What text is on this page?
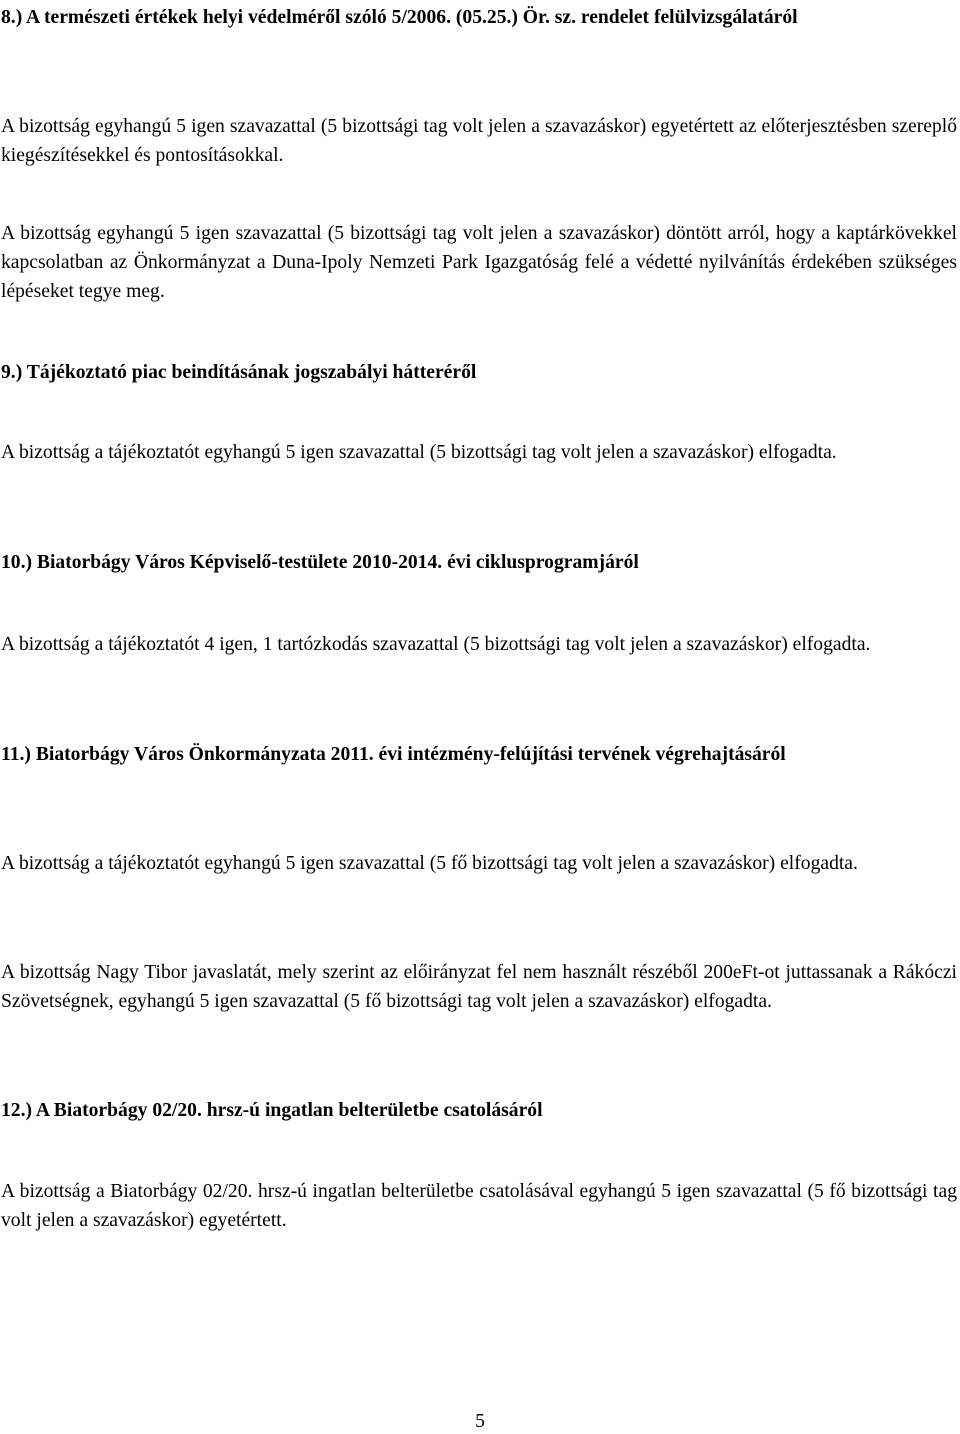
8.) A természeti értékek helyi védelméről szóló 5/2006. (05.25.) Ör. sz. rendelet felülvizsgálatáról

A bizottság egyhangú 5 igen szavazattal (5 bizottsági tag volt jelen a szavazáskor) egyetértett az előterjesztésben szereplő kiegészítésekkel és pontosításokkal.

A bizottság egyhangú 5 igen szavazattal (5 bizottsági tag volt jelen a szavazáskor) döntött arról, hogy a kaptárkövekkel kapcsolatban az Önkormányzat a Duna-Ipoly Nemzeti Park Igazgatóság felé a védetté nyilvánítás érdekében szükséges lépéseket tegye meg.

9.) Tájékoztató piac beindításának jogszabályi hátteréről

A bizottság a tájékoztatót egyhangú 5 igen szavazattal (5 bizottsági tag volt jelen a szavazáskor) elfogadta.

10.) Biatorbágy Város Képviselő-testülete 2010-2014. évi ciklusprogramjáról

A bizottság a tájékoztatót 4 igen, 1 tartózkodás szavazattal (5 bizottsági tag volt jelen a szavazáskor) elfogadta.

11.) Biatorbágy Város Önkormányzata 2011. évi intézmény-felújítási tervének végrehajtásáról

A bizottság a tájékoztatót egyhangú 5 igen szavazattal (5 fő bizottsági tag volt jelen a szavazáskor) elfogadta.

A bizottság Nagy Tibor javaslatát, mely szerint az előirányzat fel nem használt részéből 200eFt-ot juttassanak a Rákóczi Szövetségnek, egyhangú 5 igen szavazattal (5 fő bizottsági tag volt jelen a szavazáskor) elfogadta.

12.) A Biatorbágy 02/20. hrsz-ú ingatlan belterületbe csatolásáról

A bizottság a Biatorbágy 02/20. hrsz-ú ingatlan belterületbe csatolásával egyhangú 5 igen szavazattal (5 fő bizottsági tag volt jelen a szavazáskor) egyetértett.

5
